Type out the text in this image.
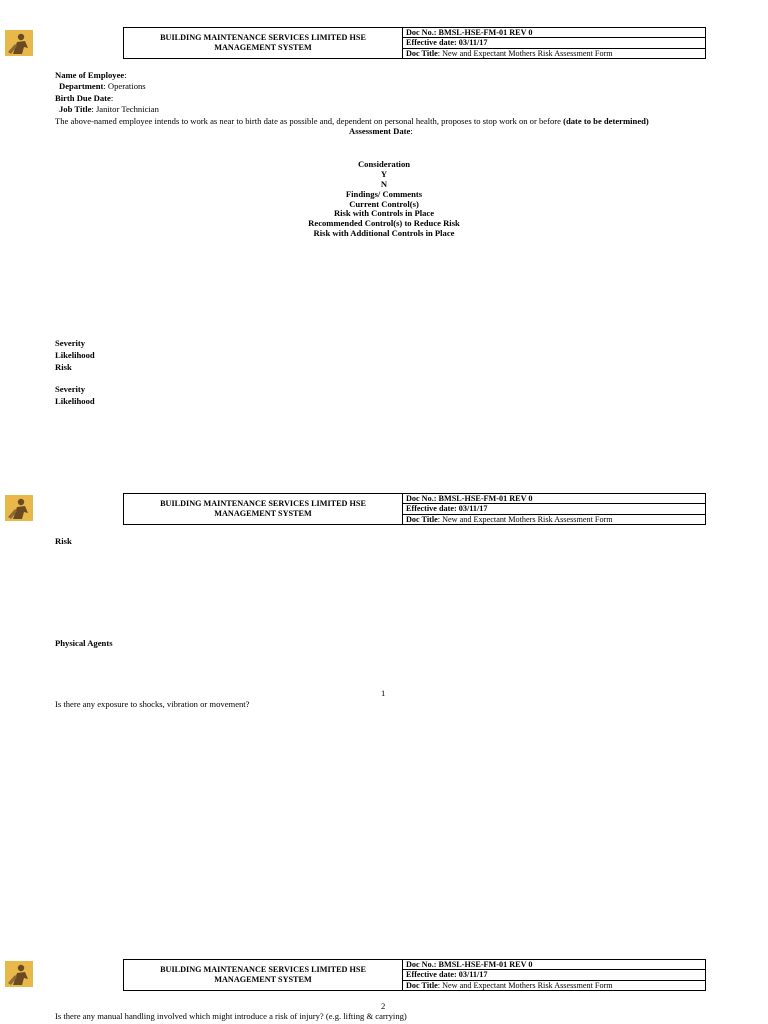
BUILDING MAINTENANCE SERVICES LIMITED HSE
MANAGEMENT SYSTEM	Doc No.: BMSL-HSE-FM-01 REV 0
Effective date: 03/11/17
Doc Title: New and Expectant Mothers Risk Assessment Form
Name of Employee:
Department: Operations
Birth Due Date:
Job Title: Janitor Technician
The above-named employee intends to work as near to birth date as possible and, dependent on personal health, proposes to stop work on or before (date to be determined)
Assessment Date:
Consideration
Y
N
Findings/ Comments
Current Control(s)
Risk with Controls in Place
Recommended Control(s) to Reduce Risk
Risk with Additional Controls in Place
Severity
Likelihood
Risk
Severity
Likelihood
BUILDING MAINTENANCE SERVICES LIMITED HSE
MANAGEMENT SYSTEM	Doc No.: BMSL-HSE-FM-01 REV 0
Effective date: 03/11/17
Doc Title: New and Expectant Mothers Risk Assessment Form
Risk
Physical Agents
1
Is there any exposure to shocks, vibration or movement?
BUILDING MAINTENANCE SERVICES LIMITED HSE
MANAGEMENT SYSTEM	Doc No.: BMSL-HSE-FM-01 REV 0
Effective date: 03/11/17
Doc Title: New and Expectant Mothers Risk Assessment Form
2
Is there any manual handling involved which might introduce a risk of injury? (e.g. lifting & carrying)
